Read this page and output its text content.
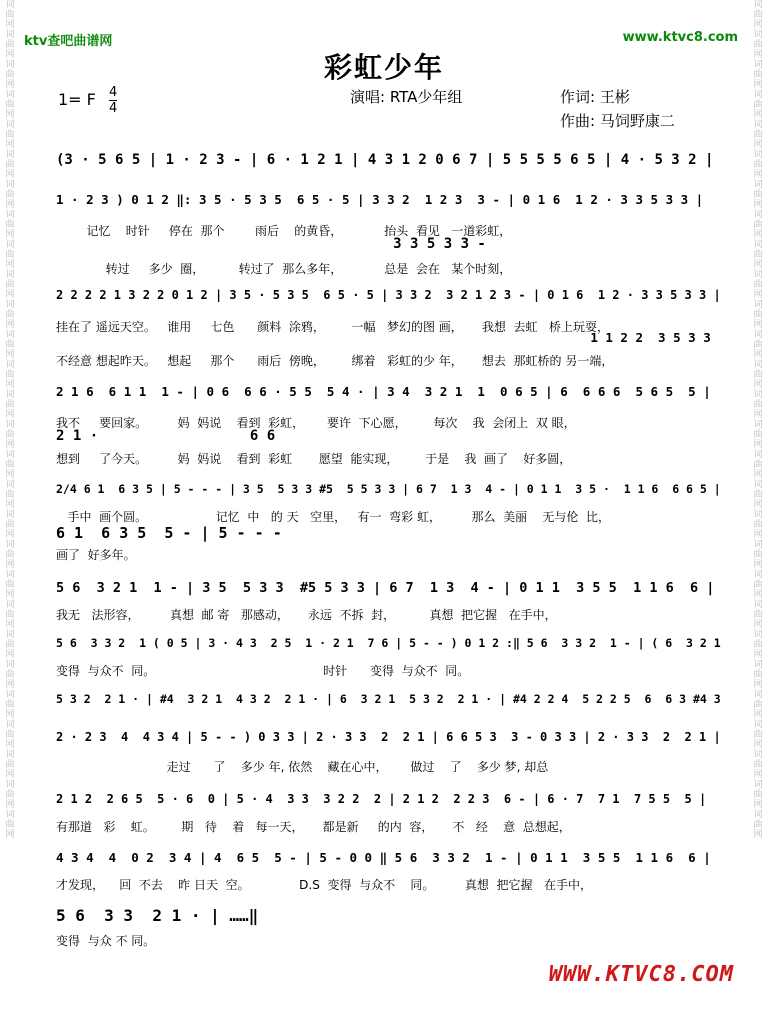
词曲网词曲网词曲网词曲网词曲网词曲网词曲网词曲网词曲网词曲网词曲网词曲网词曲网词曲网词曲网词曲网词曲网词曲网词曲网词曲网词曲网词曲网词曲网词曲网词曲网词曲网词曲网词曲网
词曲网词曲网词曲网词曲网词曲网词曲网词曲网词曲网词曲网词曲网词曲网词曲网词曲网词曲网词曲网词曲网词曲网词曲网词曲网词曲网词曲网词曲网词曲网词曲网词曲网词曲网词曲网词曲网
ktv查吧曲谱网	www.ktvc8.com
彩虹少年
1= F $\frac{4}{4}$	演唱: RTA少年组	作词: 王彬
作曲: 马饲野康二
(3 · 5 6 5 | 1 · 2 3 - | 6 · 1 2 1 | 4 3 1 2 0 6 7 | 5 5 5 5 6 5 | 4 · 5 3 2 |
1 · 2 3 ) 0 1 2 ‖: 3 5 · 5 3 5  6 5 · 5 | 3 3 2  1 2 3  3 - | 0 1 6  1 2 · 3 3 5 3 3 |
记忆    时针     停在  那个        雨后    的黄昏，           抬头  看见   一道彩虹，
3 3 5 3 3 -
转过     多少  圈，         转过了  那么多年，           总是  会在   某个时刻，
2 2 2 2 1 3 2 2 0 1 2 | 3 5 · 5 3 5  6 5 · 5 | 3 3 2  3 2 1 2 3 - | 0 1 6  1 2 · 3 3 5 3 3 |
挂在了 遥远天空。   谁用     七色      颜料  涂鸦，       一幅   梦幻的图 画，     我想  去虹   桥上玩耍，
1 1 2 2  3 5 3 3
不经意 想起昨天。   想起     那个      雨后  傍晚，       绑着   彩虹的少 年，     想去  那虹桥的 另一端，
2 1 6  6 1 1  1 - | 0 6  6 6 · 5 5  5 4 · | 3 4  3 2 1  1  0 6 5 | 6  6 6 6  5 6 5  5 |
我不     要回家。        妈  妈说    看到  彩虹，      要许  下心愿，       每次    我  会闭上  双 眼，
2 1 ·                  6 6
想到     了今天。        妈  妈说    看到  彩虹       愿望  能实现，       于是    我  画了    好多圆，
2/4 6 1  6 3 5 | 5 - - - | 3 5  5 3 3 #5  5 5 3 3 | 6 7  1 3  4 - | 0 1 1  3 5 ·  1 1 6  6 6 5 |
手中  画个圆。                  记忆  中   的 天   空里，   有一  弯彩 虹，        那么  美丽    无与伦  比，
6 1  6 3 5  5 - | 5 - - -
画了  好多年。
5 6  3 2 1  1 - | 3 5  5 3 3  #5 5 3 3 | 6 7  1 3  4 - | 0 1 1  3 5 5  1 1 6  6 |
我无   法形容，        真想  邮 寄   那感动，     永远  不拆  封，         真想  把它握   在手中，
5 6  3 3 2  1 ( 0 5 | 3 · 4 3  2 5  1 · 2 1  7 6 | 5 - - ) 0 1 2 :‖ 5 6  3 3 2  1 - | ( 6  3 2 1
变得  与众不  同。                                            时针      变得  与众不  同。
5 3 2  2 1 · | #4  3 2 1  4 3 2  2 1 · | 6  3 2 1  5 3 2  2 1 · | #4 2 2 4  5 2 2 5  6  6 3 #4 3
2 · 2 3  4  4 3 4 | 5 - - ) 0 3 3 | 2 · 3 3  2  2 1 | 6 6 5 3  3 - 0 3 3 | 2 · 3 3  2  2 1 |
走过      了    多少 年, 依然    藏在心中，      做过    了    多少 梦, 却总
2 1 2  2 6 5  5 · 6  0 | 5 · 4  3 3  3 2 2  2 | 2 1 2  2 2 3  6 - | 6 · 7  7 1  7 5 5  5 |
有那道   彩    虹。       期   待    着   每一天，     都是新     的内  容，     不   经    意  总想起，
4 3 4  4  0 2  3 4 | 4  6 5  5 - | 5 - 0 0 ‖ 5 6  3 3 2  1 - | 0 1 1  3 5 5  1 1 6  6 |
才发现，    回  不去    昨 日天  空。             D.S  变得  与众不    同。        真想  把它握   在手中，
5 6  3 3  2 1 · | ……‖
变得  与众 不 同。
WWW.KTVC8.COM
